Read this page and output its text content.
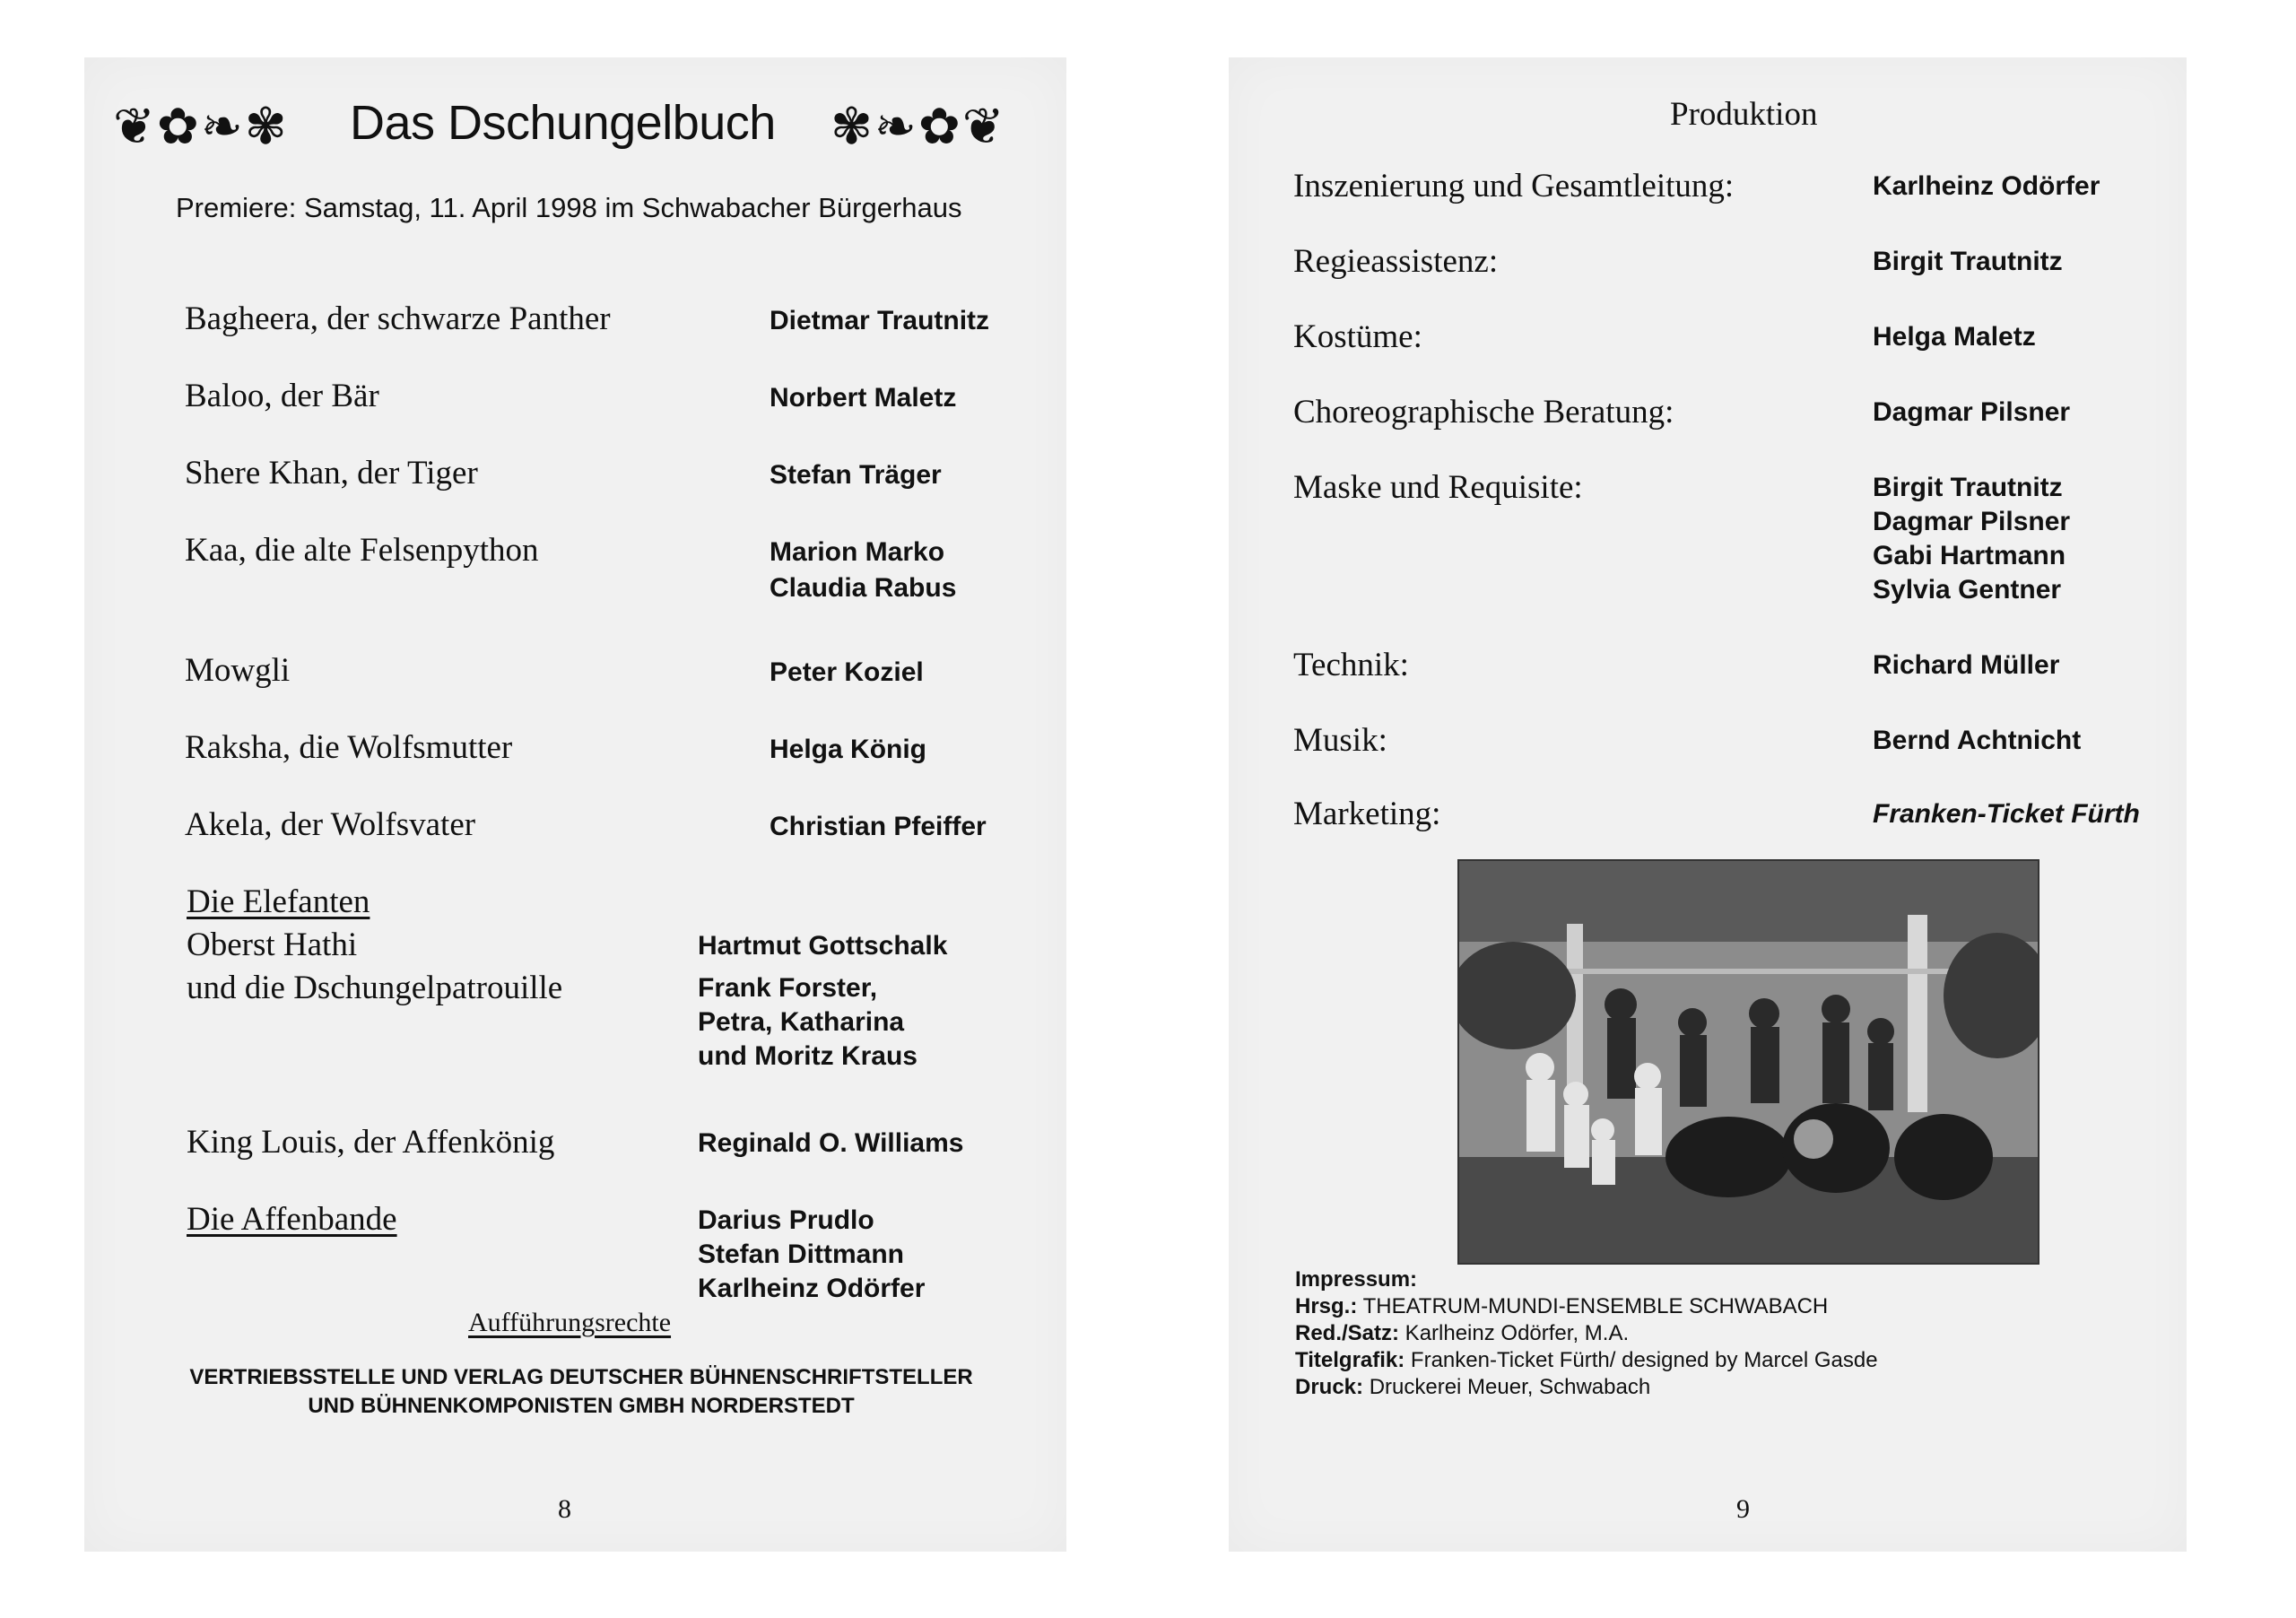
❦✿❧✾ Das Dschungelbuch ✾❧✿❦
Premiere: Samstag, 11. April 1998 im Schwabacher Bürgerhaus
Bagheera, der schwarze Panther	Dietmar Trautnitz
Baloo, der Bär	Norbert Maletz
Shere Khan, der Tiger	Stefan Träger
Kaa, die alte Felsenpython	Marion Marko
Claudia Rabus
Mowgli	Peter Koziel
Raksha, die Wolfsmutter	Helga König
Akela, der Wolfsvater	Christian Pfeiffer
Die Elefanten
Oberst Hathi	Hartmut Gottschalk
und die Dschungelpatrouille	Frank Forster,
Petra, Katharina
und Moritz Kraus
King Louis, der Affenkönig	Reginald O. Williams
Die Affenbande	Darius Prudlo
Stefan Dittmann
Karlheinz Odörfer
Aufführungsrechte
VERTRIEBSSTELLE UND VERLAG DEUTSCHER BÜHNENSCHRIFTSTELLER
UND BÜHNENKOMPONISTEN GMBH NORDERSTEDT
8
Produktion
Inszenierung und Gesamtleitung:	Karlheinz Odörfer
Regieassistenz:	Birgit Trautnitz
Kostüme:	Helga Maletz
Choreographische Beratung:	Dagmar Pilsner
Maske und Requisite:	Birgit Trautnitz
Dagmar Pilsner
Gabi Hartmann
Sylvia Gentner
Technik:	Richard Müller
Musik:	Bernd Achtnicht
Marketing:	Franken-Ticket Fürth
Impressum:
Hrsg.: THEATRUM-MUNDI-ENSEMBLE SCHWABACH
Red./Satz: Karlheinz Odörfer, M.A.
Titelgrafik: Franken-Ticket Fürth/ designed by Marcel Gasde
Druck: Druckerei Meuer, Schwabach
9
